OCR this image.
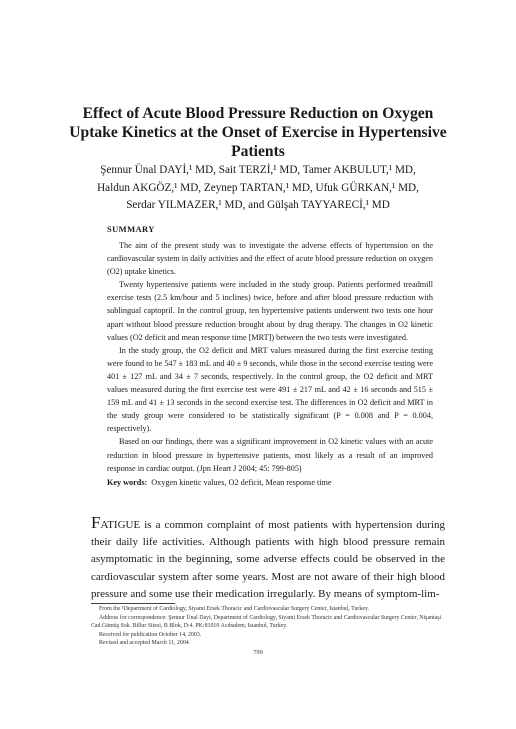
Effect of Acute Blood Pressure Reduction on Oxygen Uptake Kinetics at the Onset of Exercise in Hypertensive Patients
Şennur Ünal DAYİ,¹ MD, Sait TERZİ,¹ MD, Tamer AKBULUT,¹ MD,
Haldun AKGÖZ,¹ MD, Zeynep TARTAN,¹ MD, Ufuk GÜRKAN,¹ MD,
Serdar YILMAZER,¹ MD, and Gülşah TAYYARECİ,¹ MD
SUMMARY

The aim of the present study was to investigate the adverse effects of hypertension on the cardiovascular system in daily activities and the effect of acute blood pressure reduction on oxygen (O2) uptake kinetics.

Twenty hypertensive patients were included in the study group. Patients performed treadmill exercise tests (2.5 km/hour and 5 inclines) twice, before and after blood pressure reduction with sublingual captopril. In the control group, ten hypertensive patients underwent two tests one hour apart without blood pressure reduction brought about by drug therapy. The changes in O2 kinetic values (O2 deficit and mean response time [MRT]) between the two tests were investigated.

In the study group, the O2 deficit and MRT values measured during the first exercise testing were found to be 547 ± 183 mL and 40 ± 9 seconds, while those in the second exercise testing were 401 ± 127 mL and 34 ± 7 seconds, respectively. In the control group, the O2 deficit and MRT values measured during the first exercise test were 491 ± 217 mL and 42 ± 16 seconds and 515 ± 159 mL and 41 ± 13 seconds in the second exercise test. The differences in O2 deficit and MRT in the study group were considered to be statistically significant (P = 0.008 and P = 0.004, respectively).

Based on our findings, there was a significant improvement in O2 kinetic values with an acute reduction in blood pressure in hypertensive patients, most likely as a result of an improved response in cardiac output. (Jpn Heart J 2004; 45: 799-805)

Key words: Oxygen kinetic values, O2 deficit, Mean response time

FATIGUE is a common complaint of most patients with hypertension during their daily life activities. Although patients with high blood pressure remain asymptomatic in the beginning, some adverse effects could be observed in the cardiovascular system after some years. Most are not aware of their high blood pressure and some use their medication irregularly. By means of symptom-lim-

From the ¹Department of Cardiology, Siyami Ersek Thoracic and Cardiovascular Surgery Center, Istanbul, Turkey.

Address for correspondence: Şennur Ünal Dayi, Department of Cardiology, Siyami Ersek Thoracic and Cardiovascular Surgery Center, Nişantaşi Cad.Gümüş Sok. Billur Sitesi, B Blok, D:4. PK:81010 Acıbadem, Istanbul, Turkey.

Received for publication October 14, 2003.

Revised and accepted March 11, 2004.

799
